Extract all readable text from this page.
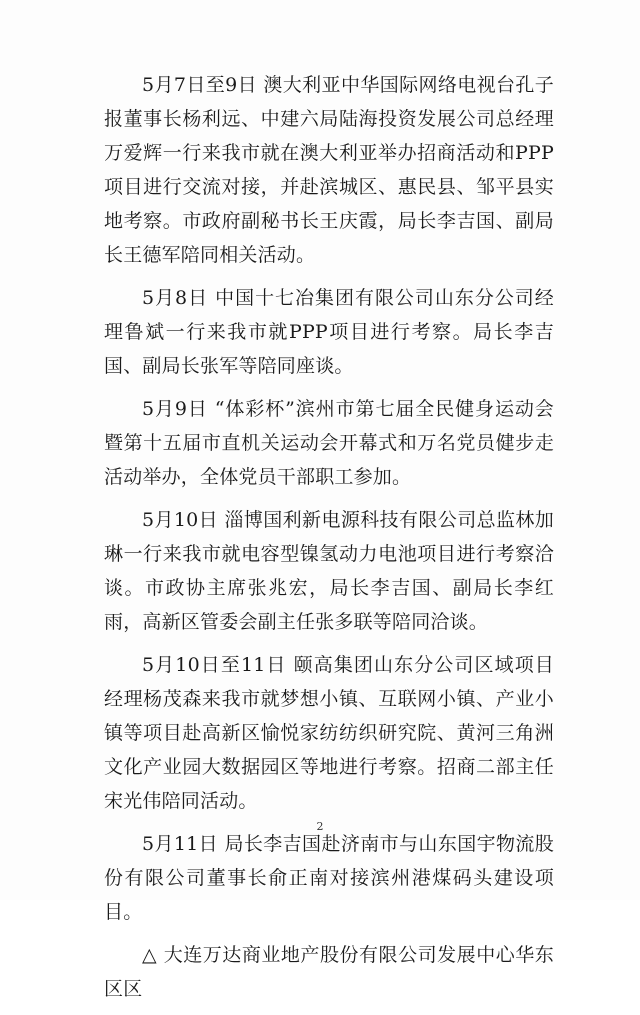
5月7日至9日 澳大利亚中华国际网络电视台孔子报董事长杨利远、中建六局陆海投资发展公司总经理万爱辉一行来我市就在澳大利亚举办招商活动和PPP项目进行交流对接，并赴滨城区、惠民县、邹平县实地考察。市政府副秘书长王庆霞，局长李吉国、副局长王德军陪同相关活动。

5月8日 中国十七冶集团有限公司山东分公司经理鲁斌一行来我市就PPP项目进行考察。局长李吉国、副局长张军等陪同座谈。

5月9日 “体彩杯”滨州市第七届全民健身运动会暨第十五届市直机关运动会开幕式和万名党员健步走活动举办，全体党员干部职工参加。

5月10日 淄博国利新电源科技有限公司总监林加琳一行来我市就电容型镍氢动力电池项目进行考察洽谈。市政协主席张兆宏，局长李吉国、副局长李红雨，高新区管委会副主任张多联等陪同洽谈。

5月10日至11日 颐高集团山东分公司区域项目经理杨茂森来我市就梦想小镇、互联网小镇、产业小镇等项目赴高新区愉悦家纺纺织研究院、黄河三角洲文化产业园大数据园区等地进行考察。招商二部主任宋光伟陪同活动。

5月11日 局长李吉国赴济南市与山东国宇物流股份有限公司董事长俞正南对接滨州港煤码头建设项目。

△ 大连万达商业地产股份有限公司发展中心华东区区

2
